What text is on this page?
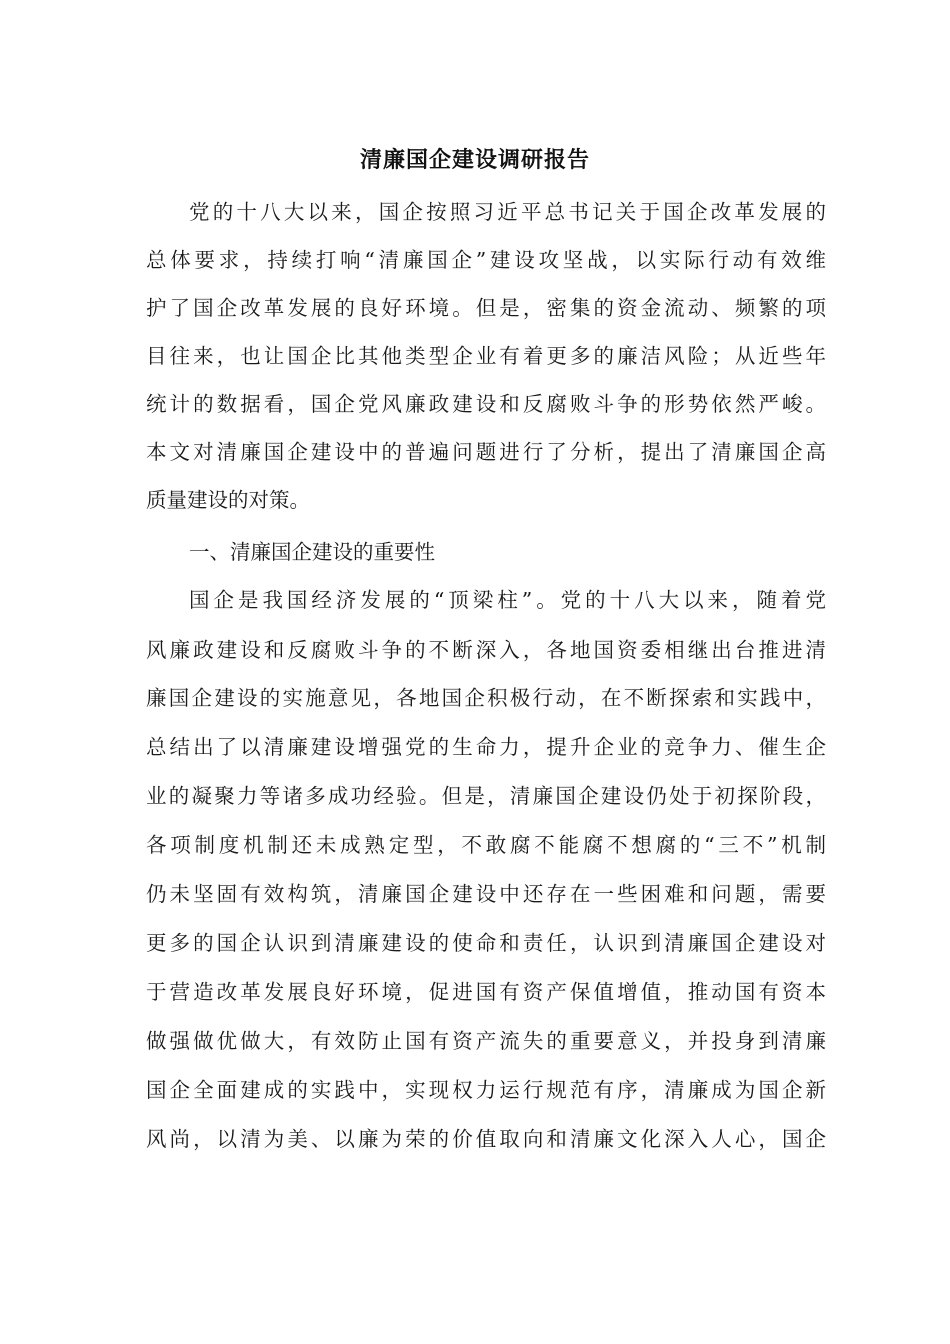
清廉国企建设调研报告
党的十八大以来，国企按照习近平总书记关于国企改革发展的
总体要求，持续打响“清廉国企”建设攻坚战，以实际行动有效维
护了国企改革发展的良好环境。但是，密集的资金流动、频繁的项
目往来，也让国企比其他类型企业有着更多的廉洁风险；从近些年
统计的数据看，国企党风廉政建设和反腐败斗争的形势依然严峻。
本文对清廉国企建设中的普遍问题进行了分析，提出了清廉国企高
质量建设的对策。
一、清廉国企建设的重要性
国企是我国经济发展的“顶梁柱”。党的十八大以来，随着党
风廉政建设和反腐败斗争的不断深入，各地国资委相继出台推进清
廉国企建设的实施意见，各地国企积极行动，在不断探索和实践中，
总结出了以清廉建设增强党的生命力，提升企业的竞争力、催生企
业的凝聚力等诸多成功经验。但是，清廉国企建设仍处于初探阶段，
各项制度机制还未成熟定型，不敢腐不能腐不想腐的“三不”机制
仍未坚固有效构筑，清廉国企建设中还存在一些困难和问题，需要
更多的国企认识到清廉建设的使命和责任，认识到清廉国企建设对
于营造改革发展良好环境，促进国有资产保值增值，推动国有资本
做强做优做大，有效防止国有资产流失的重要意义，并投身到清廉
国企全面建成的实践中，实现权力运行规范有序，清廉成为国企新
风尚，以清为美、以廉为荣的价值取向和清廉文化深入人心，国企
